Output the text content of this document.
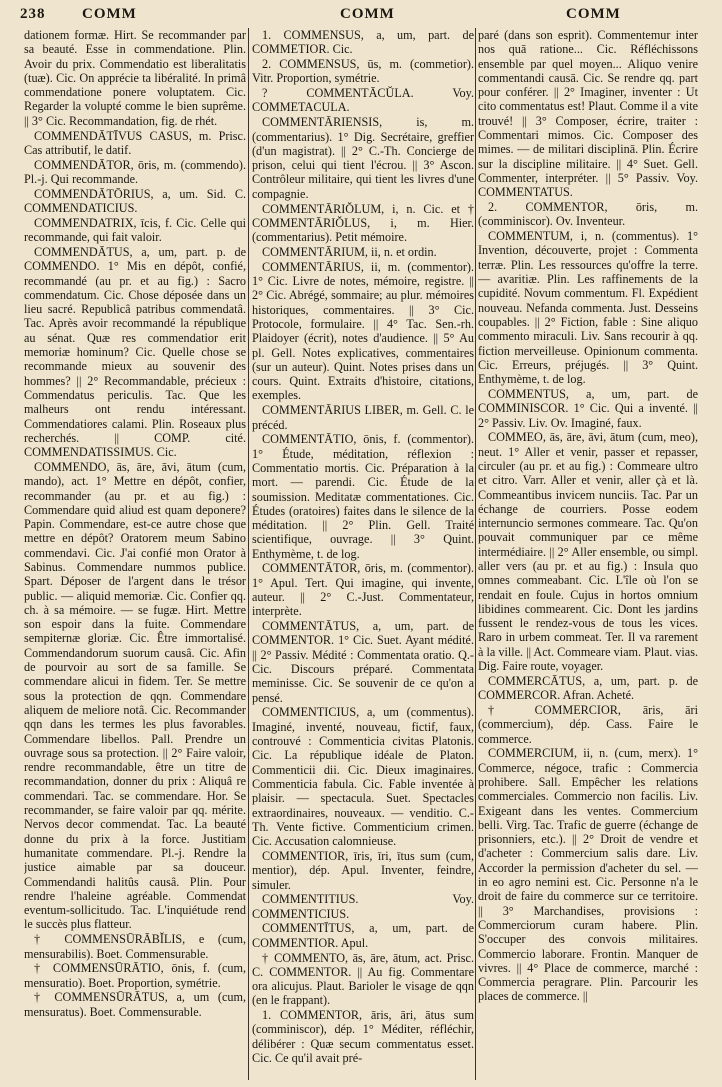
238 COMM	COMM	COMM

dationem formæ. Hirt. Se recommander par sa beauté. Esse in commendatione. Plin. Avoir du prix. Commendatio est liberalitatis (tuæ). Cic. On apprécie ta libéralité. In primâ commendatione ponere voluptatem. Cic. Regarder la volupté comme le bien suprême. || 3° Cic. Recommandation, fig. de rhét.

COMMENDĀTĪVUS CASUS, m. Prisc. Cas attributif, le datif.

COMMENDĀTOR, ōris, m. (commendo). Pl.-j. Qui recommande.

COMMENDĀTŌRIUS, a, um. Sid. C. COMMENDATICIUS.

COMMENDATRIX, īcis, f. Cic. Celle qui recommande, qui fait valoir.

COMMENDĀTUS, a, um, part. p. de COMMENDO. 1° Mis en dépôt, confié, recommandé (au pr. et au fig.) : Sacro commendatum. Cic. Chose déposée dans un lieu sacré. Republicâ patribus commendatâ. Tac. Après avoir recommandé la république au sénat. Quæ res commendatior erit memoriæ hominum? Cic. Quelle chose se recommande mieux au souvenir des hommes? || 2° Recommandable, précieux : Commendatus periculis. Tac. Que les malheurs ont rendu intéressant. Commendatiores calami. Plin. Roseaux plus recherchés. || COMP. cité. COMMENDATISSIMUS. Cic.

COMMENDO, ās, āre, āvi, ātum (cum, mando), act. 1° Mettre en dépôt, confier, recommander (au pr. et au fig.) : Commendare quid aliud est quam deponere? Papin. Commendare, est-ce autre chose que mettre en dépôt? Oratorem meum Sabino commendavi. Cic. J'ai confié mon Orator à Sabinus. Commendare nummos publice. Spart. Déposer de l'argent dans le trésor public. — aliquid memoriæ. Cic. Confier qq. ch. à sa mémoire. — se fugæ. Hirt. Mettre son espoir dans la fuite. Commendare sempiternæ gloriæ. Cic. Être immortalisé. Commendandorum suorum causâ. Cic. Afin de pourvoir au sort de sa famille. Se commendare alicui in fidem. Ter. Se mettre sous la protection de qqn. Commendare aliquem de meliore notâ. Cic. Recommander qqn dans les termes les plus favorables. Commendare libellos. Pall. Prendre un ouvrage sous sa protection. || 2° Faire valoir, rendre recommandable, être un titre de recommandation, donner du prix : Aliquâ re commendari. Tac. se commendare. Hor. Se recommander, se faire valoir par qq. mérite. Nervos decor commendat. Tac. La beauté donne du prix à la force. Justitiam humanitate commendare. Pl.-j. Rendre la justice aimable par sa douceur. Commendandi halitûs causâ. Plin. Pour rendre l'haleine agréable. Commendat eventum-sollicitudo. Tac. L'inquiétude rend le succès plus flatteur.

† COMMENSŪRĀBĬLIS, e (cum, mensurabilis). Boet. Commensurable.

† COMMENSŪRĀTIO, ōnis, f. (cum, mensuratio). Boet. Proportion, symétrie.

† COMMENSŪRĀTUS, a, um (cum, mensuratus). Boet. Commensurable.

1. COMMENSUS, a, um, part. de COMMETIOR. Cic.

2. COMMENSUS, ūs, m. (commetior). Vitr. Proportion, symétrie.

? COMMENTĀCŬLA. Voy. COMMETACULA.

COMMENTĀRIENSIS, is, m. (commentarius). 1° Dig. Secrétaire, greffier (d'un magistrat). || 2° C.-Th. Concierge de prison, celui qui tient l'écrou. || 3° Ascon. Contrôleur militaire, qui tient les livres d'une compagnie.

COMMENTĀRIŎLUM, i, n. Cic. et † COMMENTĀRIŎLUS, i, m. Hier. (commentarius). Petit mémoire.

COMMENTĀRIUM, ii, n. et ordin.

COMMENTĀRIUS, ii, m. (commentor). 1° Cic. Livre de notes, mémoire, registre. || 2° Cic. Abrégé, sommaire; au plur. mémoires historiques, commentaires. || 3° Cic. Protocole, formulaire. || 4° Tac. Sen.-rh. Plaidoyer (écrit), notes d'audience. || 5° Au pl. Gell. Notes explicatives, commentaires (sur un auteur). Quint. Notes prises dans un cours. Quint. Extraits d'histoire, citations, exemples.

COMMENTĀRIUS LIBER, m. Gell. C. le précéd.

COMMENTĀTIO, ōnis, f. (commentor). 1° Étude, méditation, réflexion : Commentatio mortis. Cic. Préparation à la mort. — parendi. Cic. Étude de la soumission. Meditatæ commentationes. Cic. Études (oratoires) faites dans le silence de la méditation. || 2° Plin. Gell. Traité scientifique, ouvrage. || 3° Quint. Enthymème, t. de log.

COMMENTĀTOR, ōris, m. (commentor). 1° Apul. Tert. Qui imagine, qui invente, auteur. || 2° C.-Just. Commentateur, interprète.

COMMENTĀTUS, a, um, part. de COMMENTOR. 1° Cic. Suet. Ayant médité. || 2° Passiv. Médité : Commentata oratio. Q.-Cic. Discours préparé. Commentata meminisse. Cic. Se souvenir de ce qu'on a pensé.

COMMENTICIUS, a, um (commentus). Imaginé, inventé, nouveau, fictif, faux, controuvé : Commenticia civitas Platonis. Cic. La république idéale de Platon. Commenticii dii. Cic. Dieux imaginaires. Commenticia fabula. Cic. Fable inventée à plaisir. — spectacula. Suet. Spectacles extraordinaires, nouveaux. — venditio. C.-Th. Vente fictive. Commenticium crimen. Cic. Accusation calomnieuse.

COMMENTIOR, īris, īri, ītus sum (cum, mentior), dép. Apul. Inventer, feindre, simuler.

COMMENTITIUS. Voy. COMMENTICIUS.

COMMENTĪTUS, a, um, part. de COMMENTIOR. Apul.

† COMMENTO, ās, āre, ātum, act. Prisc. C. COMMENTOR. || Au fig. Commentare ora alicujus. Plaut. Barioler le visage de qqn (en le frappant).

1. COMMENTOR, āris, āri, ātus sum (comminiscor), dép. 1° Méditer, réfléchir, délibérer : Quæ secum commentatus esset. Cic. Ce qu'il avait pré-

paré (dans son esprit). Commentemur inter nos quā ratione... Cic. Réfléchissons ensemble par quel moyen... Aliquo venire commentandi causā. Cic. Se rendre qq. part pour conférer. || 2° Imaginer, inventer : Ut cito commentatus est! Plaut. Comme il a vite trouvé! || 3° Composer, écrire, traiter : Commentari mimos. Cic. Composer des mimes. — de militari disciplinā. Plin. Écrire sur la discipline militaire. || 4° Suet. Gell. Commenter, interpréter. || 5° Passiv. Voy. COMMENTATUS.

2. COMMENTOR, ōris, m. (comminiscor). Ov. Inventeur.

COMMENTUM, i, n. (commentus). 1° Invention, découverte, projet : Commenta terræ. Plin. Les ressources qu'offre la terre. — avaritiæ. Plin. Les raffinements de la cupidité. Novum commentum. Fl. Expédient nouveau. Nefanda commenta. Just. Desseins coupables. || 2° Fiction, fable : Sine aliquo commento miraculi. Liv. Sans recourir à qq. fiction merveilleuse. Opinionum commenta. Cic. Erreurs, préjugés. || 3° Quint. Enthymème, t. de log.

COMMENTUS, a, um, part. de COMMINISCOR. 1° Cic. Qui a inventé. || 2° Passiv. Liv. Ov. Imaginé, faux.

COMMEO, ās, āre, āvi, ātum (cum, meo), neut. 1° Aller et venir, passer et repasser, circuler (au pr. et au fig.) : Commeare ultro et citro. Varr. Aller et venir, aller çà et là. Commeantibus invicem nunciis. Tac. Par un échange de courriers. Posse eodem internuncio sermones commeare. Tac. Qu'on pouvait communiquer par ce même intermédiaire. || 2° Aller ensemble, ou simpl. aller vers (au pr. et au fig.) : Insula quo omnes commeabant. Cic. L'île où l'on se rendait en foule. Cujus in hortos omnium libidines commearent. Cic. Dont les jardins fussent le rendez-vous de tous les vices. Raro in urbem commeat. Ter. Il va rarement à la ville. || Act. Commeare viam. Plaut. vias. Dig. Faire route, voyager.

COMMERCĀTUS, a, um, part. p. de COMMERCOR. Afran. Acheté.

† COMMERCIOR, āris, āri (commercium), dép. Cass. Faire le commerce.

COMMERCIUM, ii, n. (cum, merx). 1° Commerce, négoce, trafic : Commercia prohibere. Sall. Empêcher les relations commerciales. Commercio non facilis. Liv. Exigeant dans les ventes. Commercium belli. Virg. Tac. Trafic de guerre (échange de prisonniers, etc.). || 2° Droit de vendre et d'acheter : Commercium salis dare. Liv. Accorder la permission d'acheter du sel. — in eo agro nemini est. Cic. Personne n'a le droit de faire du commerce sur ce territoire. || 3° Marchandises, provisions : Commerciorum curam habere. Plin. S'occuper des convois militaires. Commercio laborare. Frontin. Manquer de vivres. || 4° Place de commerce, marché : Commercia peragrare. Plin. Parcourir les places de commerce. ||
